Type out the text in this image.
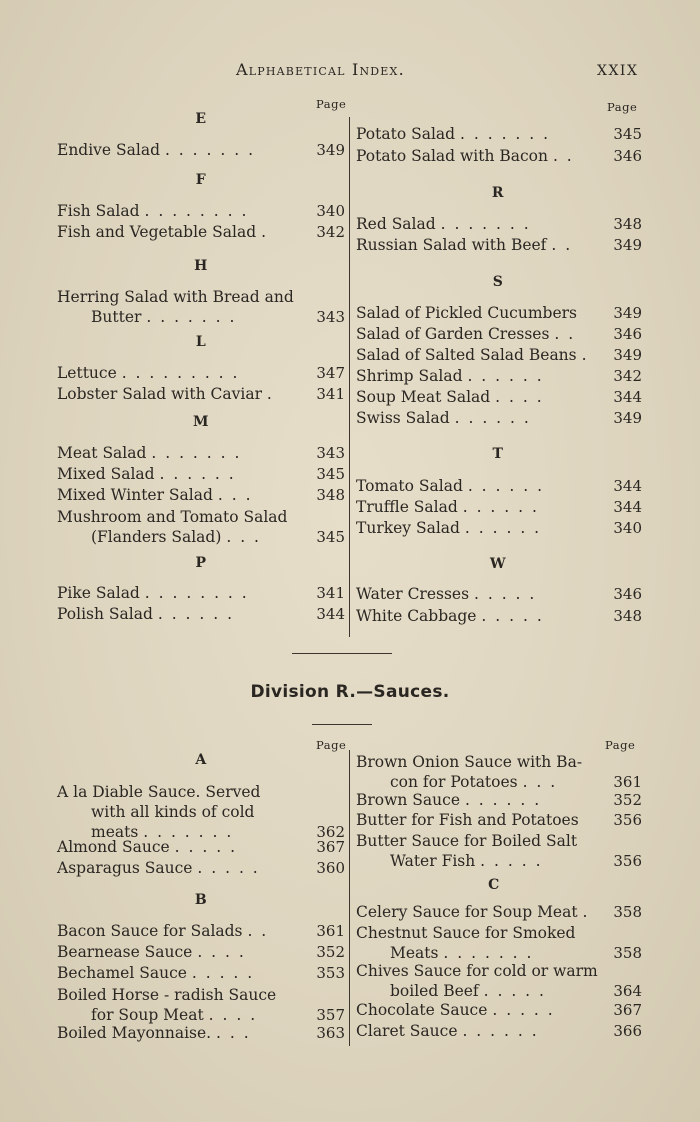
Alphabetical Index.	XXIX
Page	Page
E
Endive Salad . . . . . . .	349
F
Fish Salad . . . . . . . .	340
Fish and Vegetable Salad .	342
H
Herring Salad with Bread and
Butter . . . . . . .	343
L
Lettuce . . . . . . . . .	347
Lobster Salad with Caviar .	341
M
Meat Salad . . . . . . .	343
Mixed Salad . . . . . .	345
Mixed Winter Salad . . .	348
Mushroom and Tomato Salad
(Flanders Salad) . . .	345
P
Pike Salad . . . . . . . .	341
Polish Salad . . . . . .	344
Potato Salad . . . . . . .	345
Potato Salad with Bacon . .	346
R
Red Salad . . . . . . .	348
Russian Salad with Beef . .	349
S
Salad of Pickled Cucumbers	349
Salad of Garden Cresses . .	346
Salad of Salted Salad Beans .	349
Shrimp Salad . . . . . .	342
Soup Meat Salad . . . .	344
Swiss Salad . . . . . .	349
T
Tomato Salad . . . . . .	344
Truffle Salad . . . . . .	344
Turkey Salad . . . . . .	340
W
Water Cresses . . . . .	346
White Cabbage . . . . .	348
Division R.—Sauces.
Page	Page
A
A la Diable Sauce. Served
with all kinds of cold
meats . . . . . . .	362
Almond Sauce . . . . .	367
Asparagus Sauce . . . . .	360
B
Bacon Sauce for Salads . .	361
Bearnease Sauce . . . .	352
Bechamel Sauce . . . . .	353
Boiled Horse - radish Sauce
for Soup Meat . . . .	357
Boiled Mayonnaise. . . .	363
Brown Onion Sauce with Ba-
con for Potatoes . . .	361
Brown Sauce . . . . . .	352
Butter for Fish and Potatoes	356
Butter Sauce for Boiled Salt
Water Fish . . . . .	356
C
Celery Sauce for Soup Meat .	358
Chestnut Sauce for Smoked
Meats . . . . . . .	358
Chives Sauce for cold or warm
boiled Beef . . . . .	364
Chocolate Sauce . . . . .	367
Claret Sauce . . . . . .	366
